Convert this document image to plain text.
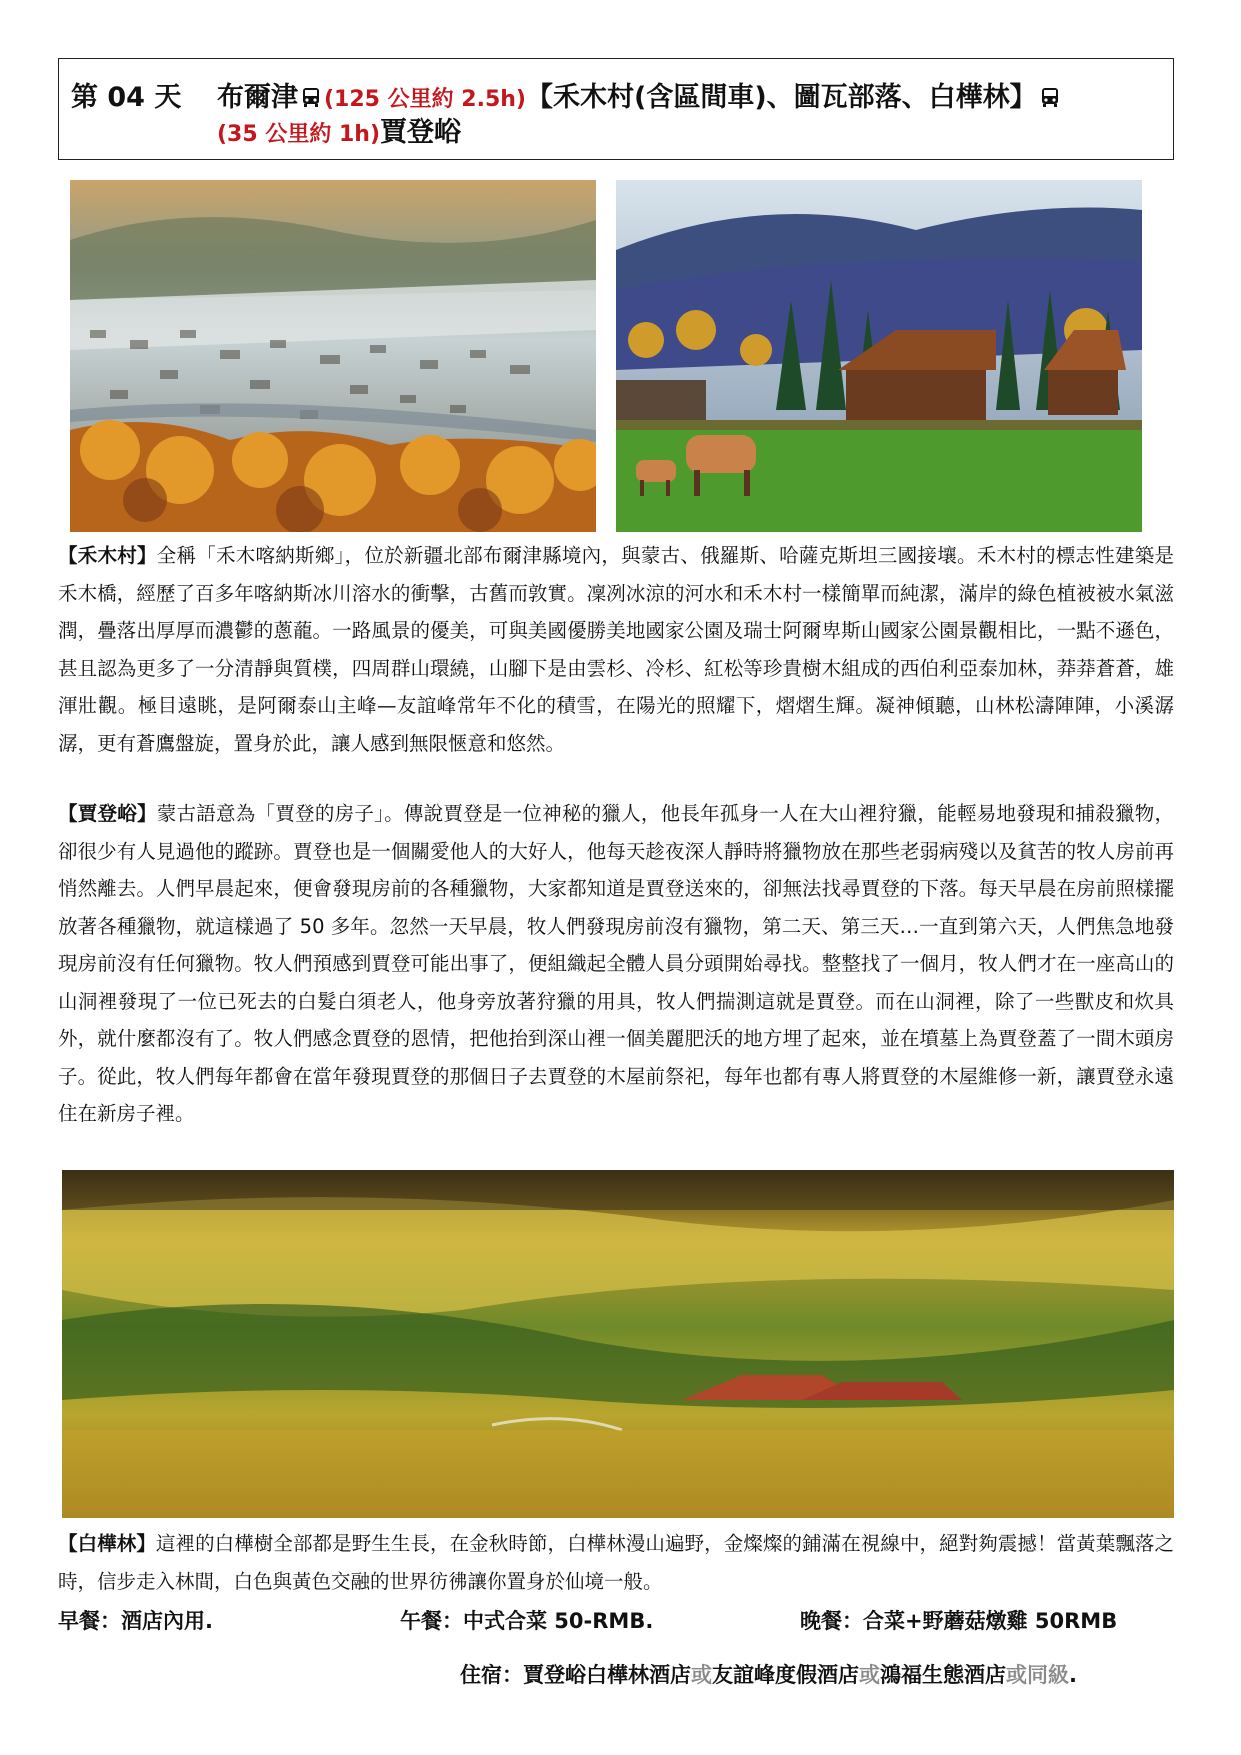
第 04 天 布爾津 (125 公里約 2.5h)【禾木村(含區間車)、圖瓦部落、白樺林】
(35 公里約 1h)賈登峪

【禾木村】全稱「禾木喀納斯鄉」，位於新疆北部布爾津縣境內，與蒙古、俄羅斯、哈薩克斯坦三國接壤。禾木村的標志性建築是禾木橋，經歷了百多年喀納斯冰川溶水的衝擊，古舊而敦實。凜冽冰涼的河水和禾木村一樣簡單而純潔，滿岸的綠色植被被水氣滋潤，疊落出厚厚而濃鬱的蔥蘢。一路風景的優美，可與美國優勝美地國家公園及瑞士阿爾卑斯山國家公園景觀相比，一點不遜色，甚且認為更多了一分清靜與質樸，四周群山環繞，山腳下是由雲杉、冷杉、紅松等珍貴樹木組成的西伯利亞泰加林，莽莽蒼蒼，雄渾壯觀。極目遠眺，是阿爾泰山主峰—友誼峰常年不化的積雪，在陽光的照耀下，熠熠生輝。凝神傾聽，山林松濤陣陣，小溪潺潺，更有蒼鷹盤旋，置身於此，讓人感到無限愜意和悠然。

【賈登峪】蒙古語意為「賈登的房子」。傳說賈登是一位神秘的獵人，他長年孤身一人在大山裡狩獵，能輕易地發現和捕殺獵物，卻很少有人見過他的蹤跡。賈登也是一個關愛他人的大好人，他每天趁夜深人靜時將獵物放在那些老弱病殘以及貧苦的牧人房前再悄然離去。人們早晨起來，便會發現房前的各種獵物，大家都知道是賈登送來的，卻無法找尋賈登的下落。每天早晨在房前照樣擺放著各種獵物，就這樣過了 50 多年。忽然一天早晨，牧人們發現房前沒有獵物，第二天、第三天…一直到第六天，人們焦急地發現房前沒有任何獵物。牧人們預感到賈登可能出事了，便組織起全體人員分頭開始尋找。整整找了一個月，牧人們才在一座高山的山洞裡發現了一位已死去的白髮白須老人，他身旁放著狩獵的用具，牧人們揣測這就是賈登。而在山洞裡，除了一些獸皮和炊具外，就什麼都沒有了。牧人們感念賈登的恩情，把他抬到深山裡一個美麗肥沃的地方埋了起來，並在墳墓上為賈登蓋了一間木頭房子。從此，牧人們每年都會在當年發現賈登的那個日子去賈登的木屋前祭祀，每年也都有專人將賈登的木屋維修一新，讓賈登永遠住在新房子裡。

【白樺林】這裡的白樺樹全部都是野生生長，在金秋時節，白樺林漫山遍野，金燦燦的鋪滿在視線中，絕對夠震撼！當黃葉飄落之時，信步走入林間，白色與黃色交融的世界彷彿讓你置身於仙境一般。

早餐：酒店內用.	午餐：中式合菜 50-RMB.	晚餐：合菜+野蘑菇燉雞 50RMB
住宿：賈登峪白樺林酒店或友誼峰度假酒店或鴻福生態酒店或同級.
